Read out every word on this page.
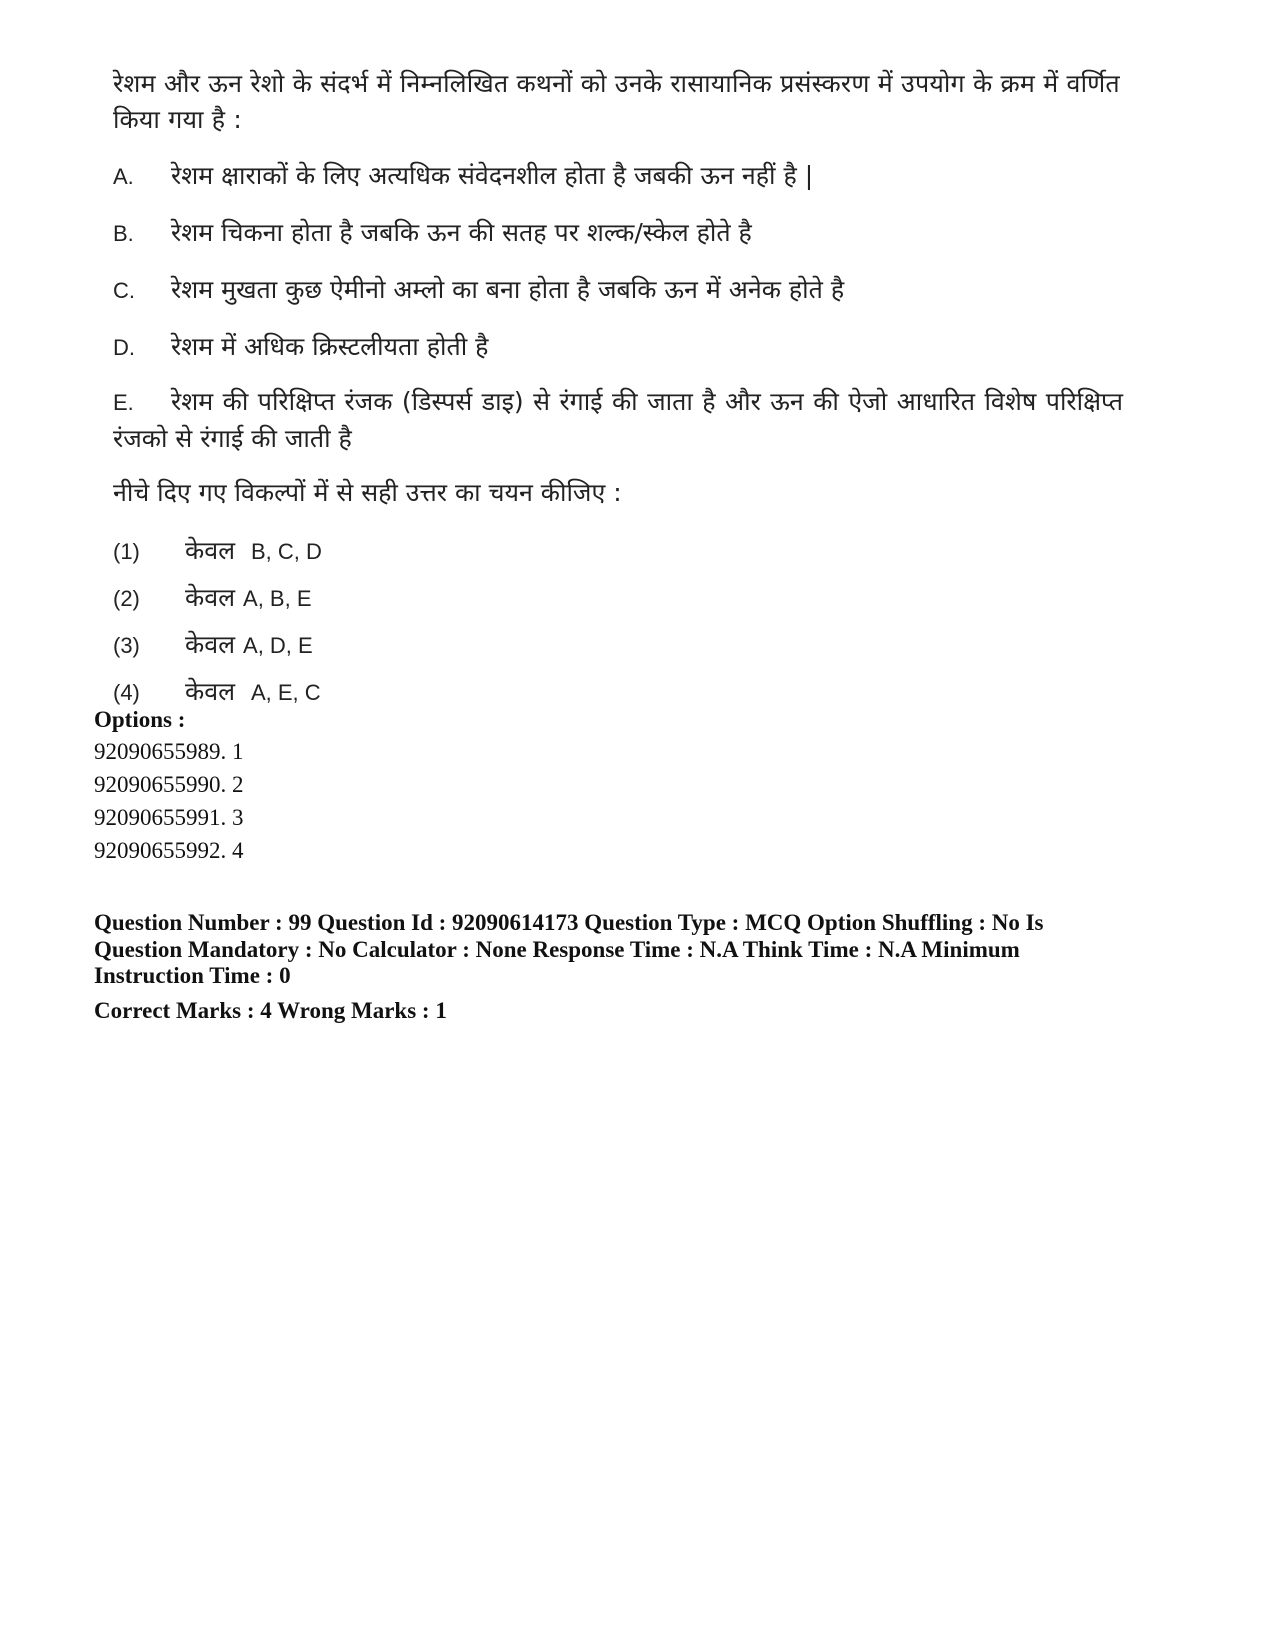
रेशम और ऊन रेशो के संदर्भ में निम्नलिखित कथनों को उनके रासायानिक प्रसंस्करण में उपयोग के क्रम में वर्णित किया गया है :

A.	रेशम क्षाराकों के लिए अत्यधिक संवेदनशील होता है जबकी ऊन नहीं है |
B.	रेशम चिकना होता है जबकि ऊन की सतह पर शल्क/स्केल होते है
C.	रेशम मुखता कुछ ऐमीनो अम्लो का बना होता है जबकि ऊन में अनेक होते है
D.	रेशम में अधिक क्रिस्टलीयता होती है
E. रेशम की परिक्षिप्त रंजक (डिस्पर्स डाइ) से रंगाई की जाता है और ऊन की ऐजो आधारित विशेष परिक्षिप्त रंजको से रंगाई की जाती है

नीचे दिए गए विकल्पों में से सही उत्तर का चयन कीजिए :

(1)	केवल B, C, D
(2)	केवल A, B, E
(3)	केवल A, D, E
(4)	केवल A, E, C
Options :
92090655989. 1
92090655990. 2
92090655991. 3
92090655992. 4
Question Number : 99 Question Id : 92090614173 Question Type : MCQ Option Shuffling : No Is Question Mandatory : No Calculator : None Response Time : N.A Think Time : N.A Minimum Instruction Time : 0
Correct Marks : 4 Wrong Marks : 1
